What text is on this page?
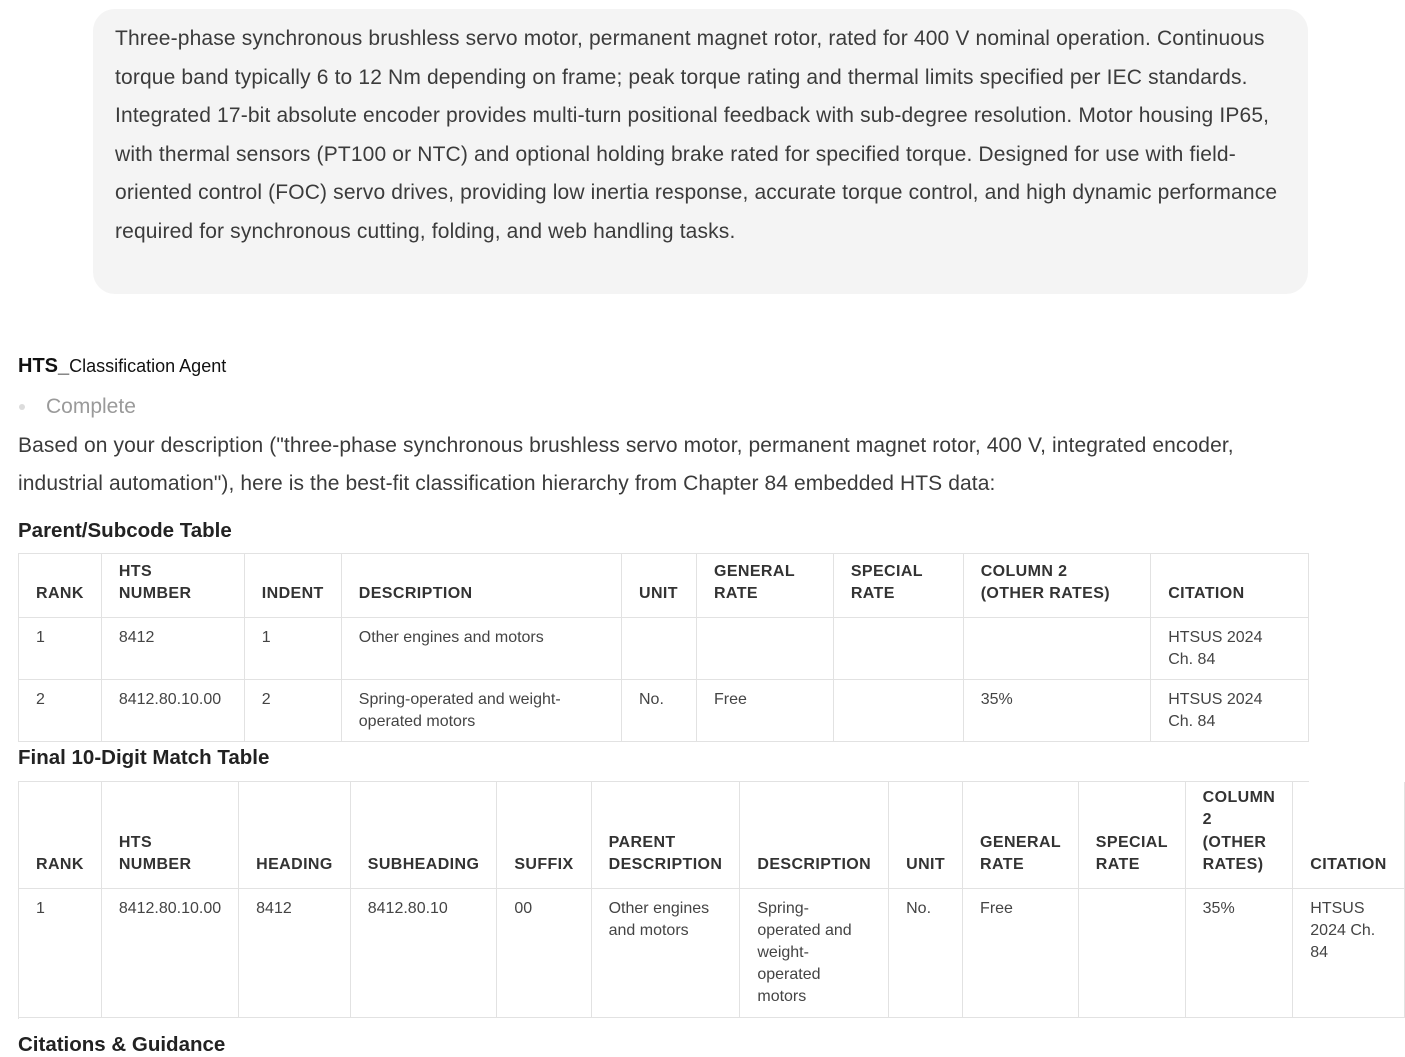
Three-phase synchronous brushless servo motor, permanent magnet rotor, rated for 400 V nominal operation. Continuous torque band typically 6 to 12 Nm depending on frame; peak torque rating and thermal limits specified per IEC standards. Integrated 17-bit absolute encoder provides multi-turn positional feedback with sub-degree resolution. Motor housing IP65, with thermal sensors (PT100 or NTC) and optional holding brake rated for specified torque. Designed for use with field-oriented control (FOC) servo drives, providing low inertia response, accurate torque control, and high dynamic performance required for synchronous cutting, folding, and web handling tasks.
HTS_Classification Agent
Complete
Based on your description ("three-phase synchronous brushless servo motor, permanent magnet rotor, 400 V, integrated encoder, industrial automation"), here is the best-fit classification hierarchy from Chapter 84 embedded HTS data:
Parent/Subcode Table
RANK	HTS NUMBER	INDENT	DESCRIPTION	UNIT	GENERAL RATE	SPECIAL RATE	COLUMN 2 (OTHER RATES)	CITATION
1	8412	1	Other engines and motors					HTSUS 2024 Ch. 84
2	8412.80.10.00	2	Spring-operated and weight-operated motors	No.	Free		35%	HTSUS 2024 Ch. 84
Final 10-Digit Match Table
RANK	HTS NUMBER	HEADING	SUBHEADING	SUFFIX	PARENT DESCRIPTION	DESCRIPTION	UNIT	GENERAL RATE	SPECIAL RATE	COLUMN 2 (OTHER RATES)	CITATION
1	8412.80.10.00	8412	8412.80.10	00	Other engines and motors	Spring-operated and weight-operated motors	No.	Free		35%	HTSUS 2024 Ch. 84
Citations & Guidance
